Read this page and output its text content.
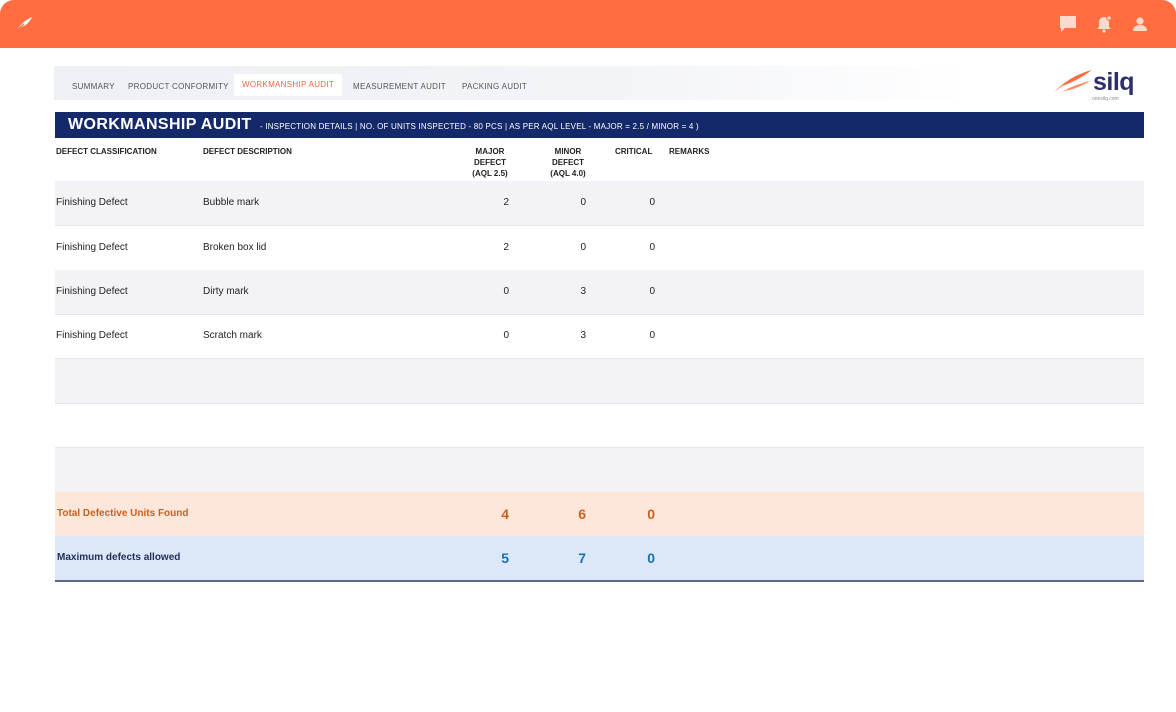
SUMMARY PRODUCT CONFORMITY	WORKMANSHIP AUDIT	MEASUREMENT AUDIT PACKING AUDIT	silq
onesilq.com
WORKMANSHIP AUDIT - INSPECTION DETAILS | NO. OF UNITS INSPECTED - 80 PCS | AS PER AQL LEVEL - MAJOR = 2.5 / MINOR = 4 )
DEFECT CLASSIFICATION	DEFECT DESCRIPTION	MAJOR
DEFECT
(AQL 2.5)
MINOR
DEFECT
(AQL 4.0)
CRITICAL REMARKS
Finishing Defect	Bubble mark	2	0	0
Finishing Defect	Broken box lid	2	0	0
Finishing Defect	Dirty mark	0	3	0
Finishing Defect	Scratch mark	0	3	0
Total Defective Units Found	4	6	0
Maximum defects allowed	5	7	0
